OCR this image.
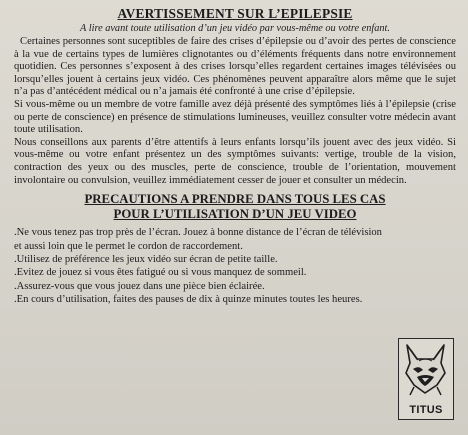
AVERTISSEMENT SUR L’EPILEPSIE
A lire avant toute utilisation d’un jeu vidéo par vous-même ou votre enfant.

Certaines personnes sont suceptibles de faire des crises d’épilepsie ou d’avoir des pertes de conscience à la vue de certains types de lumières clignotantes ou d’éléments fréquents dans notre environnement quotidien. Ces personnes s’exposent à des crises lorsqu’elles regardent certaines images télévisées ou lorsqu’elles jouent à certains jeux vidéo. Ces phénomènes peuvent apparaître alors même que le sujet n’a pas d’antécédent médical ou n’a jamais été confronté à une crise d’épilepsie.

Si vous-même ou un membre de votre famille avez déjà présenté des symptômes liés à l’épilepsie (crise ou perte de conscience) en présence de stimulations lumineuses, veuillez consulter votre médecin avant toute utilisation.

Nous conseillons aux parents d’être attentifs à leurs enfants lorsqu’ils jouent avec des jeux vidéo. Si vous-même ou votre enfant présentez un des symptômes suivants: vertige, trouble de la vision, contraction des yeux ou des muscles, perte de conscience, trouble de l’orientation, mouvement involontaire ou convulsion, veuillez immédiatement cesser de jouer et consulter un médecin.

PRECAUTIONS A PRENDRE DANS TOUS LES CAS
POUR L’UTILISATION D’UN JEU VIDEO
.Ne vous tenez pas trop près de l’écran. Jouez à bonne distance de l’écran de télévision et aussi loin que le permet le cordon de raccordement.
.Utilisez de préférence les jeux vidéo sur écran de petite taille.
.Evitez de jouez si vous êtes fatigué ou si vous manquez de sommeil.
.Assurez-vous que vous jouez dans une pièce bien éclairée.
.En cours d’utilisation, faites des pauses de dix à quinze minutes toutes les heures.
TITUS
